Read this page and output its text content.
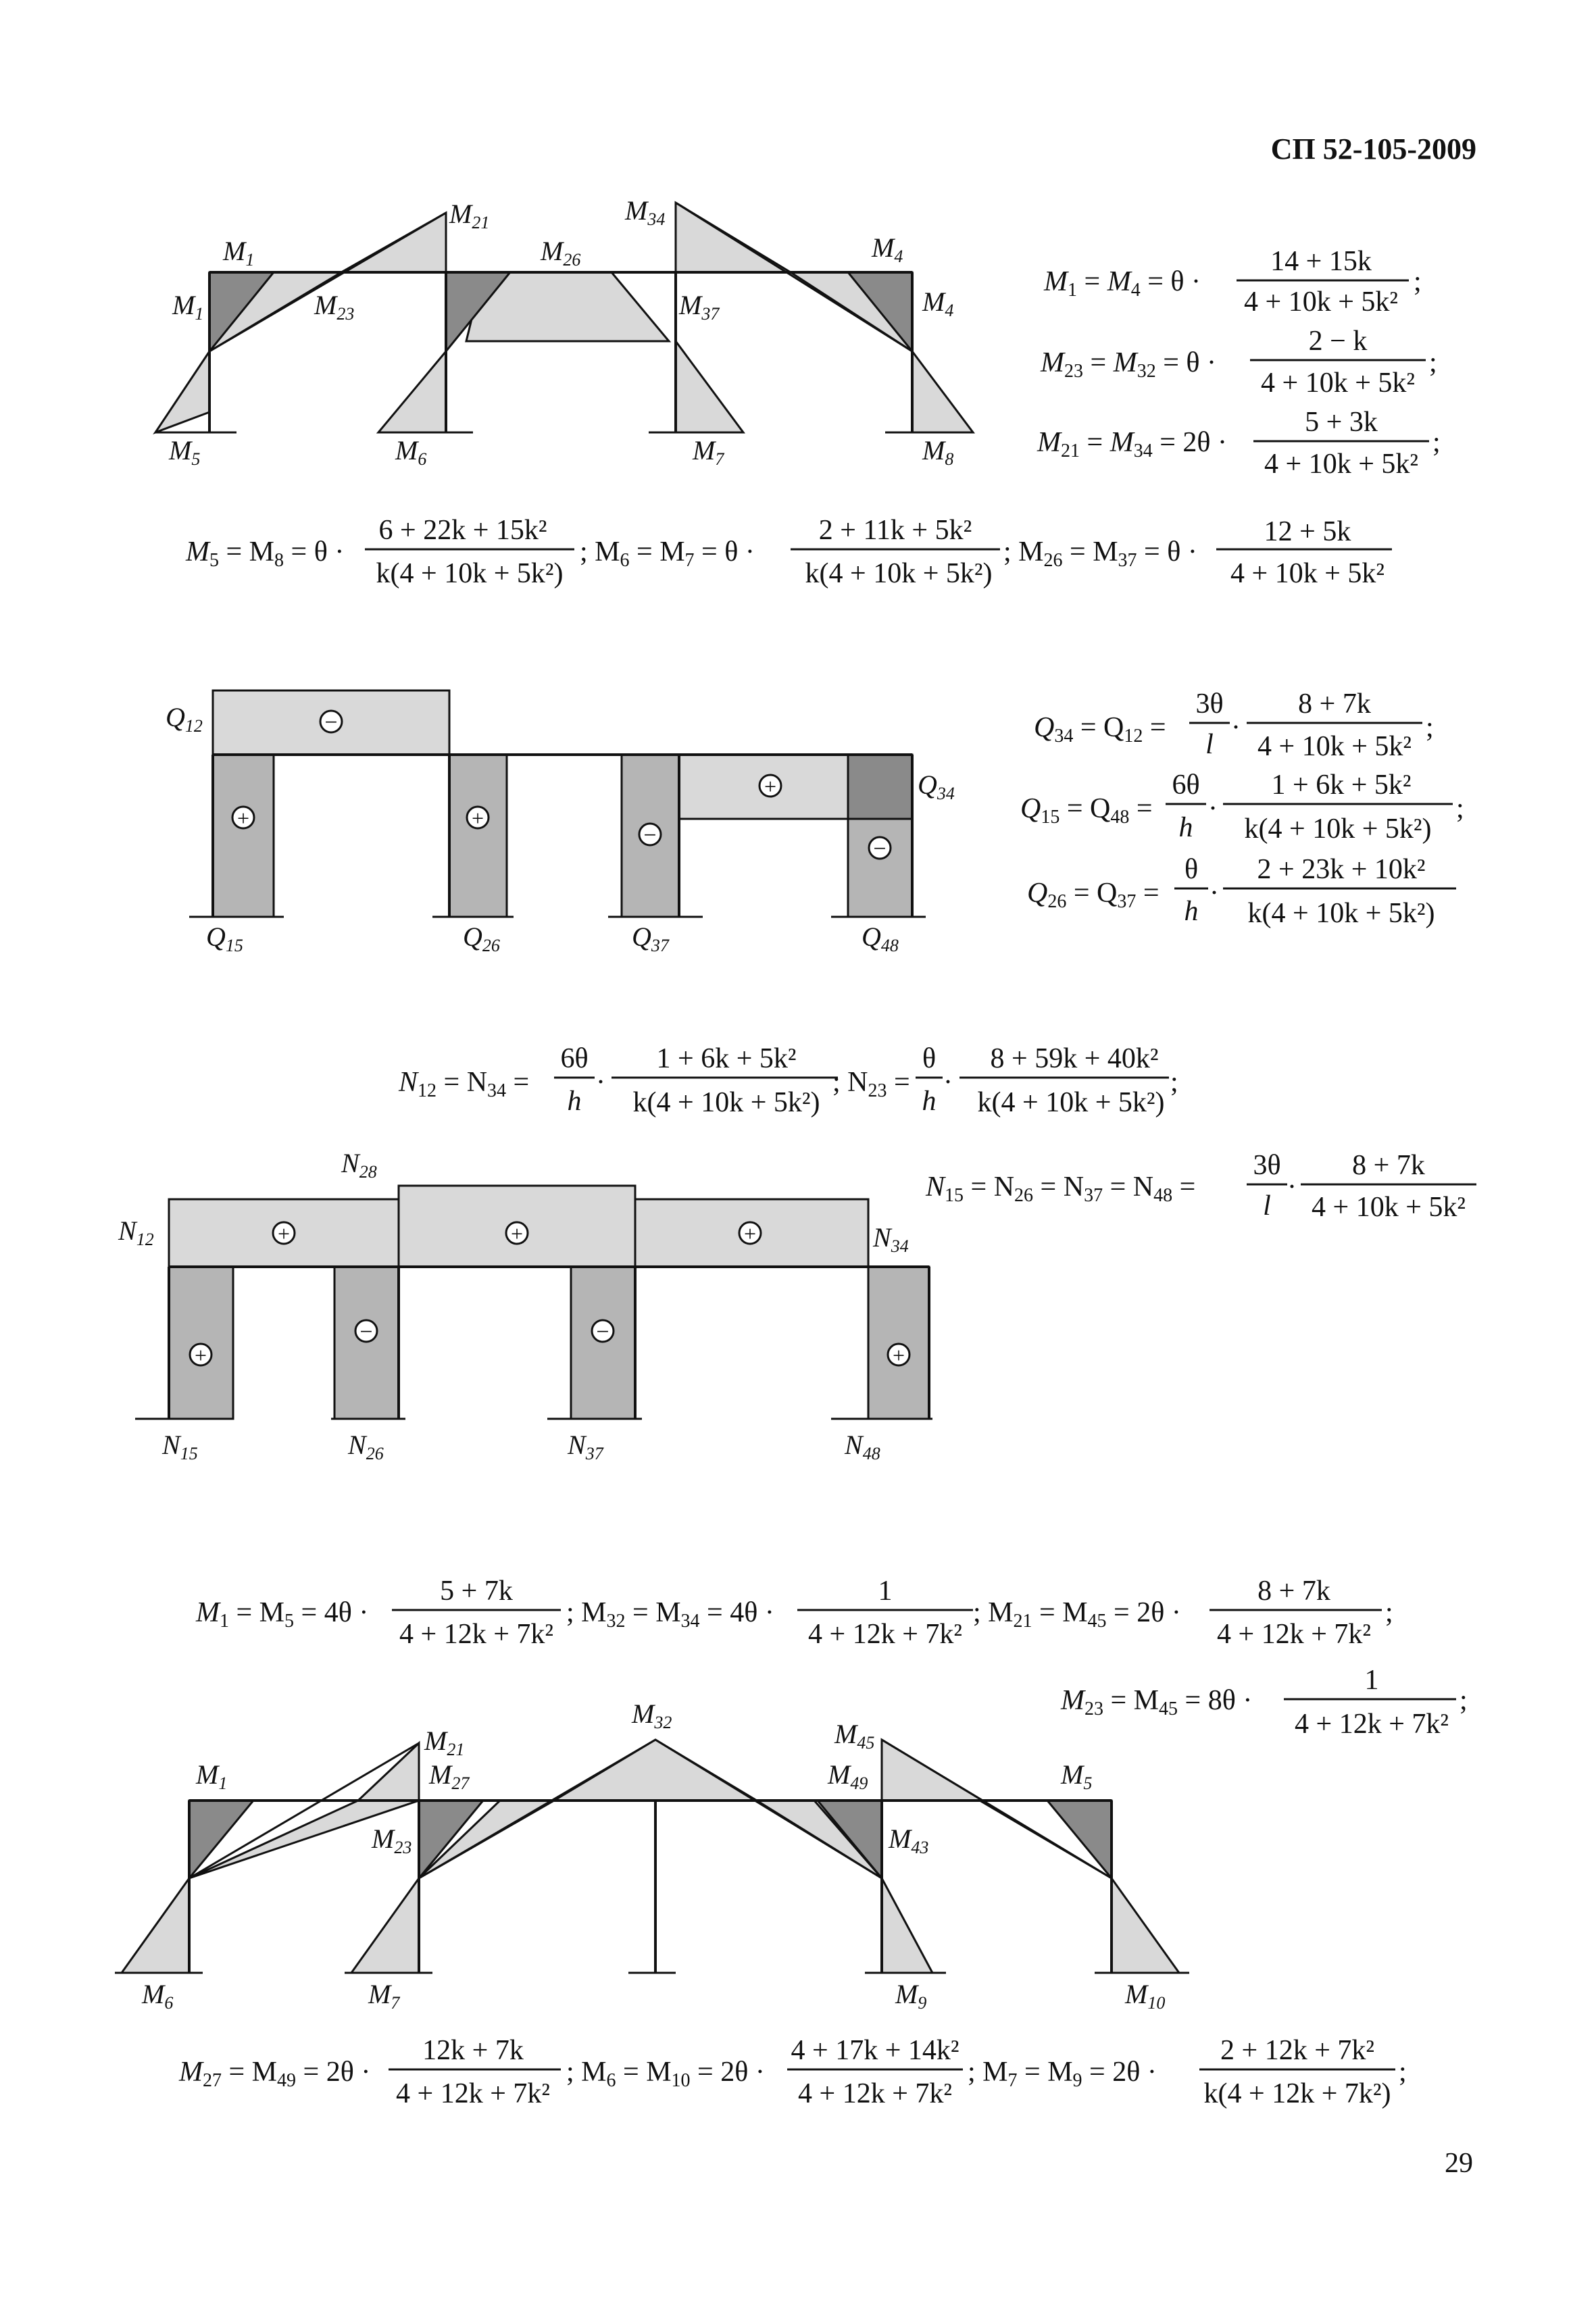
СП 52-105-2009
$M_1$
$M_1$
$M_{21}$
$M_{26}$
$M_{34}$
$M_4$
$M_4$
$M_{23}$	$M_{37}$
$M_5$	$M_6$	$M_7$	$M_8$
M1 = M4 = θ ·
14 + 15k
4 + 10k + 5k²
;
M23 = M32 = θ ·
2 − k
4 + 10k + 5k²
;
M21 = M34 = 2θ ·
5 + 3k
4 + 10k + 5k²
;
M5 = M8 = θ ·
6 + 22k + 15k²
k(4 + 10k + 5k²)
; M6 = M7 = θ ·
2 + 11k + 5k²
k(4 + 10k + 5k²)
; M26 = M37 = θ ·
12 + 5k
4 + 10k + 5k²
−
+	+
−
+
−
$Q_{12}$
$Q_{34}$
$Q_{15}$	$Q_{26}$	$Q_{37}$	$Q_{48}$
Q34 = Q12 =
3θ
l
·
8 + 7k
4 + 10k + 5k²
;
Q15 = Q48 =
6θ
h
·
1 + 6k + 5k²
k(4 + 10k + 5k²)
;
Q26 = Q37 =
θ
h
·
2 + 23k + 10k²
k(4 + 10k + 5k²)
N12 = N34 =
6θ
h
·
1 + 6k + 5k²
k(4 + 10k + 5k²)
; N23 =
θ
h
·
8 + 59k + 40k²
k(4 + 10k + 5k²)
;
+	+	+
+
−	−
+
$N_{28}$
$N_{12}$	$N_{34}$
$N_{15}$	$N_{26}$	$N_{37}$	$N_{48}$
N15 = N26 = N37 = N48 =
3θ
l
·
8 + 7k
4 + 10k + 5k²
M1 = M5 = 4θ ·
5 + 7k
4 + 12k + 7k²
; M32 = M34 = 4θ ·
1
4 + 12k + 7k²
; M21 = M45 = 2θ ·
8 + 7k
4 + 12k + 7k²
;
M23 = M45 = 8θ ·
1
4 + 12k + 7k²
;
$M_{21}$
$M_{32}$	$M_{45}$
$M_1$	$M_{27}$	$M_{49}$	$M_5$
$M_{23}$	$M_{43}$
$M_6$	$M_7$	$M_9$	$M_{10}$
M27 = M49 = 2θ ·
12k + 7k
4 + 12k + 7k²
; M6 = M10 = 2θ ·
4 + 17k + 14k²
4 + 12k + 7k²
; M7 = M9 = 2θ ·
2 + 12k + 7k²
k(4 + 12k + 7k²)
;
29
